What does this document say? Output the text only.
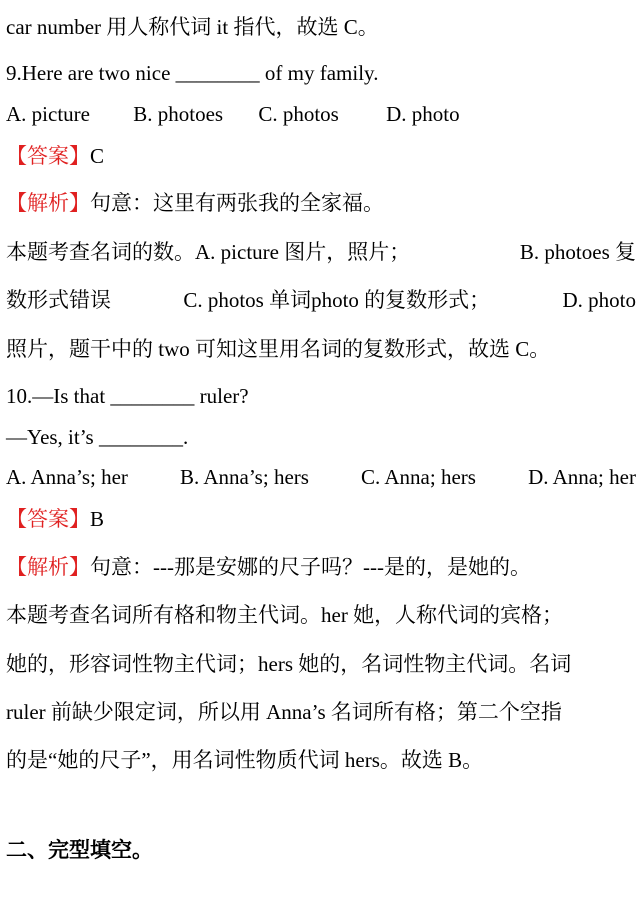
car number 用人称代词 it 指代，故选 C。
9.Here are two nice ________ of my family.
A. picture B. photoes C. photos D. photo
【答案】C
【解析】句意：这里有两张我的全家福。
本题考查名词的数。A. picture 图片，照片；	B. photoes 复
数形式错误	C. photos 单词photo 的复数形式；	D. photo
照片，题干中的 two 可知这里用名词的复数形式，故选 C。
10.—Is that ________ ruler?
—Yes, it’s ________.
A. Anna’s; her B. Anna’s; hers C. Anna; hers D. Anna; her
【答案】B
【解析】句意：---那是安娜的尺子吗？---是的，是她的。
本题考查名词所有格和物主代词。her 她，人称代词的宾格；
她的，形容词性物主代词；hers 她的，名词性物主代词。名词
ruler 前缺少限定词，所以用 Anna’s 名词所有格；第二个空指
的是“她的尺子”，用名词性物质代词 hers。故选 B。
二、完型填空。
